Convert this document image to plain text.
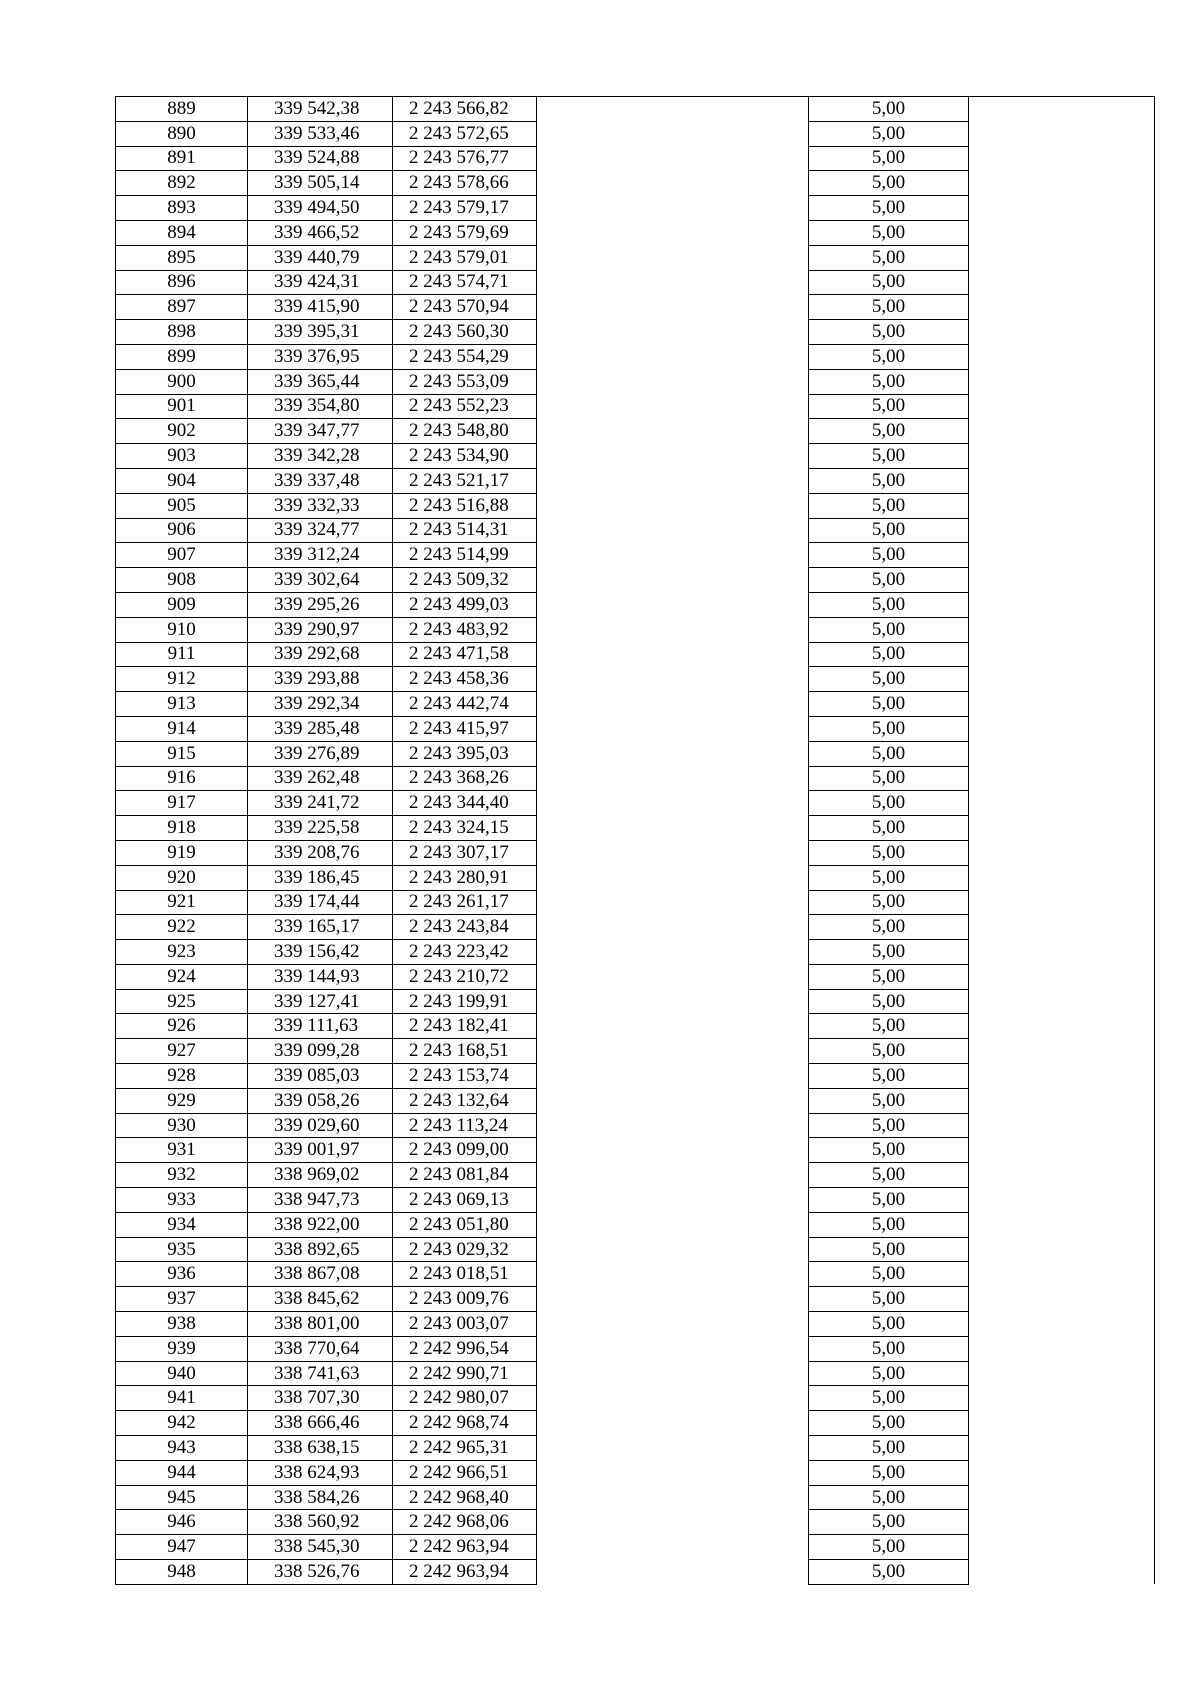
889	339 542,38	2 243 566,82		5,00	
890	339 533,46	2 243 572,65		5,00	
891	339 524,88	2 243 576,77		5,00	
892	339 505,14	2 243 578,66		5,00	
893	339 494,50	2 243 579,17		5,00	
894	339 466,52	2 243 579,69		5,00	
895	339 440,79	2 243 579,01		5,00	
896	339 424,31	2 243 574,71		5,00	
897	339 415,90	2 243 570,94		5,00	
898	339 395,31	2 243 560,30		5,00	
899	339 376,95	2 243 554,29		5,00	
900	339 365,44	2 243 553,09		5,00	
901	339 354,80	2 243 552,23		5,00	
902	339 347,77	2 243 548,80		5,00	
903	339 342,28	2 243 534,90		5,00	
904	339 337,48	2 243 521,17		5,00	
905	339 332,33	2 243 516,88		5,00	
906	339 324,77	2 243 514,31		5,00	
907	339 312,24	2 243 514,99		5,00	
908	339 302,64	2 243 509,32		5,00	
909	339 295,26	2 243 499,03		5,00	
910	339 290,97	2 243 483,92		5,00	
911	339 292,68	2 243 471,58		5,00	
912	339 293,88	2 243 458,36		5,00	
913	339 292,34	2 243 442,74		5,00	
914	339 285,48	2 243 415,97		5,00	
915	339 276,89	2 243 395,03		5,00	
916	339 262,48	2 243 368,26		5,00	
917	339 241,72	2 243 344,40		5,00	
918	339 225,58	2 243 324,15		5,00	
919	339 208,76	2 243 307,17		5,00	
920	339 186,45	2 243 280,91		5,00	
921	339 174,44	2 243 261,17		5,00	
922	339 165,17	2 243 243,84		5,00	
923	339 156,42	2 243 223,42		5,00	
924	339 144,93	2 243 210,72		5,00	
925	339 127,41	2 243 199,91		5,00	
926	339 111,63	2 243 182,41		5,00	
927	339 099,28	2 243 168,51		5,00	
928	339 085,03	2 243 153,74		5,00	
929	339 058,26	2 243 132,64		5,00	
930	339 029,60	2 243 113,24		5,00	
931	339 001,97	2 243 099,00		5,00	
932	338 969,02	2 243 081,84		5,00	
933	338 947,73	2 243 069,13		5,00	
934	338 922,00	2 243 051,80		5,00	
935	338 892,65	2 243 029,32		5,00	
936	338 867,08	2 243 018,51		5,00	
937	338 845,62	2 243 009,76		5,00	
938	338 801,00	2 243 003,07		5,00	
939	338 770,64	2 242 996,54		5,00	
940	338 741,63	2 242 990,71		5,00	
941	338 707,30	2 242 980,07		5,00	
942	338 666,46	2 242 968,74		5,00	
943	338 638,15	2 242 965,31		5,00	
944	338 624,93	2 242 966,51		5,00	
945	338 584,26	2 242 968,40		5,00	
946	338 560,92	2 242 968,06		5,00	
947	338 545,30	2 242 963,94		5,00	
948	338 526,76	2 242 963,94		5,00	
